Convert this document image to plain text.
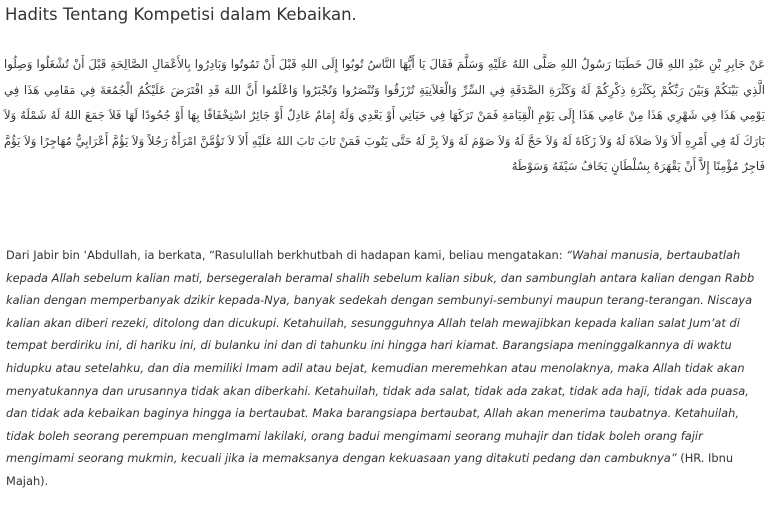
Hadits Tentang Kompetisi dalam Kebaikan.

عَنْ جَابِرِ بْنِ عَبْدِ اللهِ قَالَ خَطَبَنَا رَسُولُ اللهِ صَلَّى اللهُ عَلَيْهِ وَسَلَّمَ فَقَالَ يَا أَيُّهَا النَّاسُ تُوبُوا إِلَى اللهِ قَبْلَ أَنْ تَمُوتُوا وَبَادِرُوا بِالأَعْمَالِ الصَّالِحَةِ قَبْلَ أَنْ تُشْغَلُوا وَصِلُوا الَّذِي بَيْنَكُمْ وَبَيْنَ رَبِّكُمْ بِكَثْرَةِ ذِكْرِكُمْ لَهُ وَكَثْرَةِ الصَّدَقَةِ فِي السِّرِّ وَالْعَلاَنِيَةِ تُرْزَقُوا وَتُنْصَرُوا وَتُجْبَرُوا وَاعْلَمُوا أَنَّ اللهَ قَدِ افْتَرَضَ عَلَيْكُمُ الْجُمُعَةَ فِي مَقَامِي هَذَا فِي يَوْمِي هَذَا فِي شَهْرِي هَذَا مِنْ عَامِي هَذَا إِلَى يَوْمِ الْقِيَامَةِ فَمَنْ تَرَكَهَا فِي حَيَاتِي أَوْ بَعْدِي وَلَهُ إِمَامٌ عَادِلٌ أَوْ جَائِرٌ اسْتِخْفَافًا بِهَا أَوْ جُحُودًا لَهَا فَلاَ جَمَعَ اللهُ لَهُ شَمْلَهُ وَلاَ بَارَكَ لَهُ فِي أَمْرِهِ أَلاَ وَلاَ صَلاَةَ لَهُ وَلاَ زَكَاةَ لَهُ وَلاَ حَجَّ لَهُ وَلاَ صَوْمَ لَهُ وَلاَ بِرَّ لَهُ حَتَّى يَتُوبَ فَمَنْ تَابَ تَابَ اللهُ عَلَيْهِ أَلاَ لاَ تَؤُمَّنَّ امْرَأَةٌ رَجُلاً وَلاَ يَؤُمَّ أَعْرَابِيٌّ مُهَاجِرًا وَلاَ يَؤُمَّ فَاجِرٌ مُؤْمِنًا إِلاَّ أَنْ يَقْهَرَهُ بِسُلْطَانٍ يَخَافُ سَيْفَهُ وَسَوْطَهُ

Dari Jabir bin ‘Abdullah, ia berkata, “Rasulullah berkhutbah di hadapan kami, beliau mengatakan: “Wahai manusia, bertaubatlah kepada Allah sebelum kalian mati, bersegeralah beramal shalih sebelum kalian sibuk, dan sambunglah antara kalian dengan Rabb kalian dengan memperbanyak dzikir kepada-Nya, banyak sedekah dengan sembunyi-sembunyi maupun terang-terangan. Niscaya kalian akan diberi rezeki, ditolong dan dicukupi. Ketahuilah, sesungguhnya Allah telah mewajibkan kepada kalian salat Jum’at di tempat berdiriku ini, di hariku ini, di bulanku ini dan di tahunku ini hingga hari kiamat. Barangsiapa meninggalkannya di waktu hidupku atau setelahku, dan dia memiliki Imam adil atau bejat, kemudian meremehkan atau menolaknya, maka Allah tidak akan menyatukannya dan urusannya tidak akan diberkahi. Ketahuilah, tidak ada salat, tidak ada zakat, tidak ada haji, tidak ada puasa, dan tidak ada kebaikan baginya hingga ia bertaubat. Maka barangsiapa bertaubat, Allah akan menerima taubatnya. Ketahuilah, tidak boleh seorang perempuan mengImami lakilaki, orang badui mengimami seorang muhajir dan tidak boleh orang fajir mengimami seorang mukmin, kecuali jika ia memaksanya dengan kekuasaan yang ditakuti pedang dan cambuknya” (HR. Ibnu Majah).
